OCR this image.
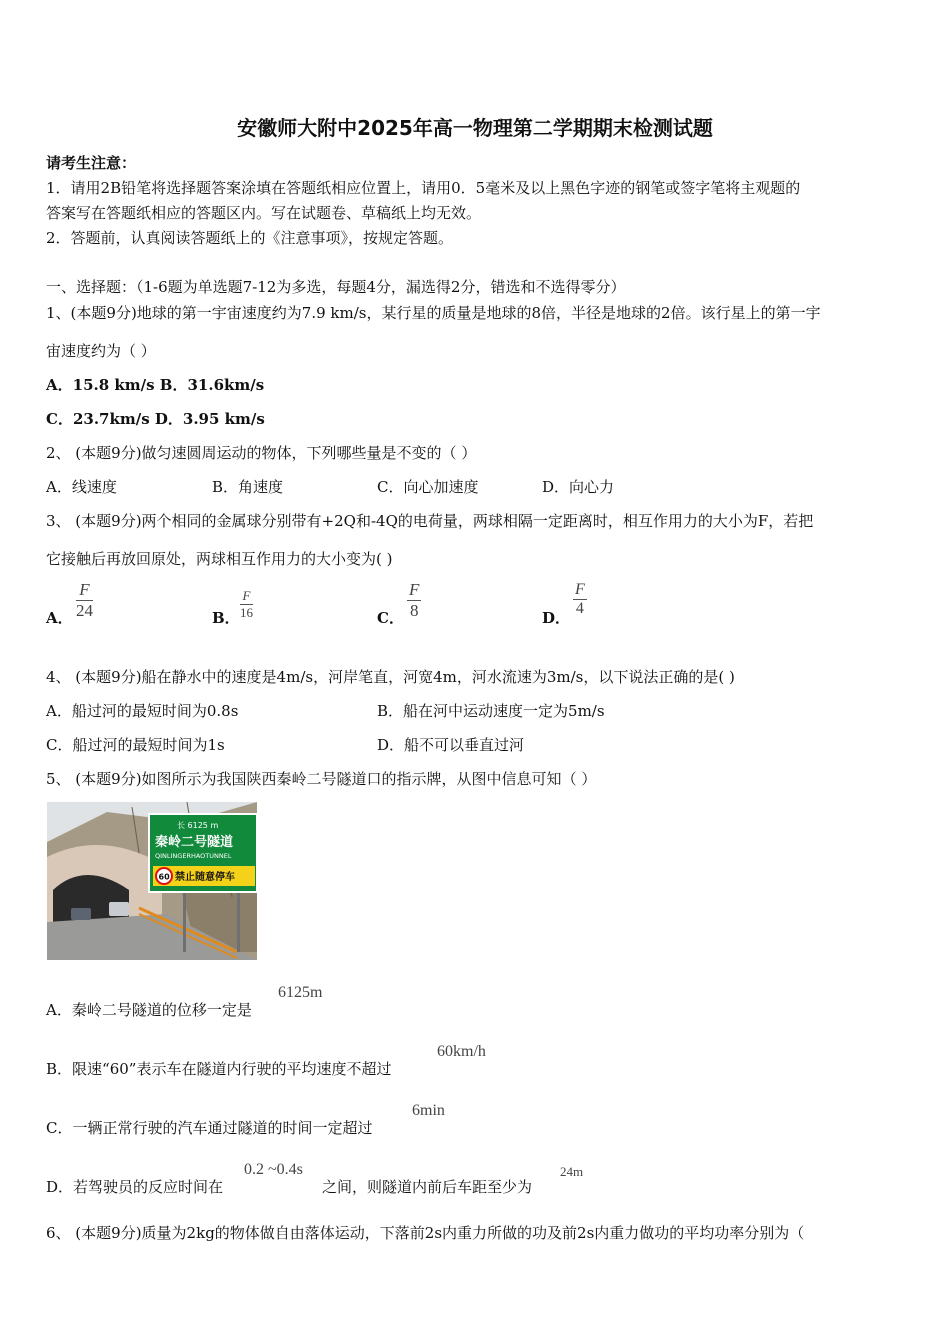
安徽师大附中2025年高一物理第二学期期末检测试题
请考生注意：
1．请用2B铅笔将选择题答案涂填在答题纸相应位置上，请用0．5毫米及以上黑色字迹的钢笔或签字笔将主观题的
答案写在答题纸相应的答题区内。写在试题卷、草稿纸上均无效。
2．答题前，认真阅读答题纸上的《注意事项》，按规定答题。
一、选择题：（1-6题为单选题7-12为多选，每题4分，漏选得2分，错选和不选得零分）
1、(本题9分)地球的第一宇宙速度约为7.9 km/s，某行星的质量是地球的8倍，半径是地球的2倍。该行星上的第一宇
宙速度约为（ ）
A．15.8 km/s B．31.6km/s
C．23.7km/s D．3.95 km/s
2、 (本题9分)做匀速圆周运动的物体，下列哪些量是不变的（ ）
A．线速度	B．角速度	C．向心加速度	D．向心力
3、 (本题9分)两个相同的金属球分别带有+2Q和-4Q的电荷量，两球相隔一定距离时，相互作用力的大小为F，若把
它接触后再放回原处，两球相互作用力的大小变为( )
A． $\frac{F}{24}$	B． $\frac{F}{16}$	C． $\frac{F}{8}$	D． $\frac{F}{4}$
4、 (本题9分)船在静水中的速度是4m/s，河岸笔直，河宽4m，河水流速为3m/s，以下说法正确的是( )
A．船过河的最短时间为0.8s	B．船在河中运动速度一定为5m/s
C．船过河的最短时间为1s	D．船不可以垂直过河
5、 (本题9分)如图所示为我国陕西秦岭二号隧道口的指示牌，从图中信息可知（ ）
长 6125 m
秦岭二号隧道
QINLINGERHAOTUNNEL
60 禁止随意停车
A．秦岭二号隧道的位移一定是
6125m
B．限速“60”表示车在隧道内行驶的平均速度不超过
60km/h
C．一辆正常行驶的汽车通过隧道的时间一定超过
6min
D．若驾驶员的反应时间在
0.2 ~0.4s
之间，则隧道内前后车距至少为
24m
6、 (本题9分)质量为2kg的物体做自由落体运动，下落前2s内重力所做的功及前2s内重力做功的平均功率分别为（
